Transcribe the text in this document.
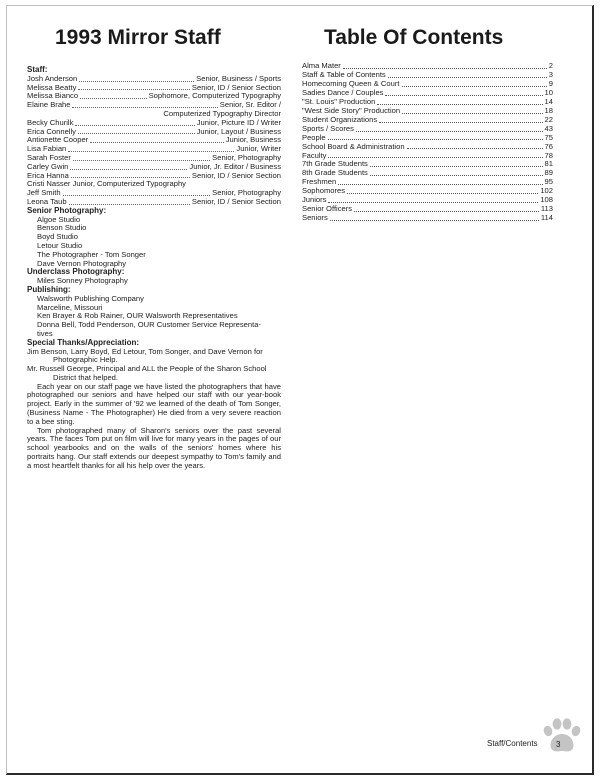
1993 Mirror Staff	Table Of Contents
Staff:
Josh Anderson	Senior, Business / Sports
Melissa Beatty	Senior, ID / Senior Section
Melissa Bianco	Sophomore, Computerized Typography
Elaine Brahe	Senior, Sr. Editor /
Computerized Typography Director
Becky Churilk	Junior, Picture ID / Writer
Erica Connelly	Junior, Layout / Business
Antionette Cooper	Junior, Business
Lisa Fabian	Junior, Writer
Sarah Foster	Senior, Photography
Carley Gwin	Junior, Jr. Editor / Business
Erica Hanna	Senior, ID / Senior Section
Cristi Nasser Junior, Computerized Typography
Jeff Smith	Senior, Photography
Leona Taub	Senior, ID / Senior Section
Senior Photography:
Algoe Studio
Benson Studio
Boyd Studio
Letour Studio
The Photographer - Tom Songer
Dave Vernon Photography
Underclass Photography:
Miles Sonney Photography
Publishing:
Walsworth Publishing Company
Marceline, Missouri
Ken Brayer & Rob Rainer, OUR Walsworth Representatives
Donna Bell, Todd Penderson, OUR Customer Service Representa-
tives
Special Thanks/Appreciation:
Jim Benson, Larry Boyd, Ed Letour, Tom Songer, and Dave Vernon for
Photographic Help.
Mr. Russell George, Principal and ALL the People of the Sharon School
District that helped.

Each year on our staff page we have listed the photographers that have photographed our seniors and have helped our staff with our year-book project. Early in the summer of '92 we learned of the death of Tom Songer, (Business Name - The Photographer) He died from a very severe reaction to a bee sting.

Tom photographed many of Sharon's seniors over the past several years. The faces Tom put on film will live for many years in the pages of our school yearbooks and on the walls of the seniors' homes where his portraits hang. Our staff extends our deepest sympathy to Tom's family and a most heartfelt thanks for all his help over the years.

Alma Mater	2
Staff & Table of Contents	3
Homecoming Queen & Court	9
Sadies Dance / Couples	10
"St. Louis" Production	14
"West Side Story" Production	18
Student Organizations	22
Sports / Scores	43
People	75
School Board & Administration	76
Faculty	78
7th Grade Students	81
8th Grade Students	89
Freshmen	95
Sophomores	102
Juniors	108
Senior Officers	113
Seniors	114
Staff/Contents 3
